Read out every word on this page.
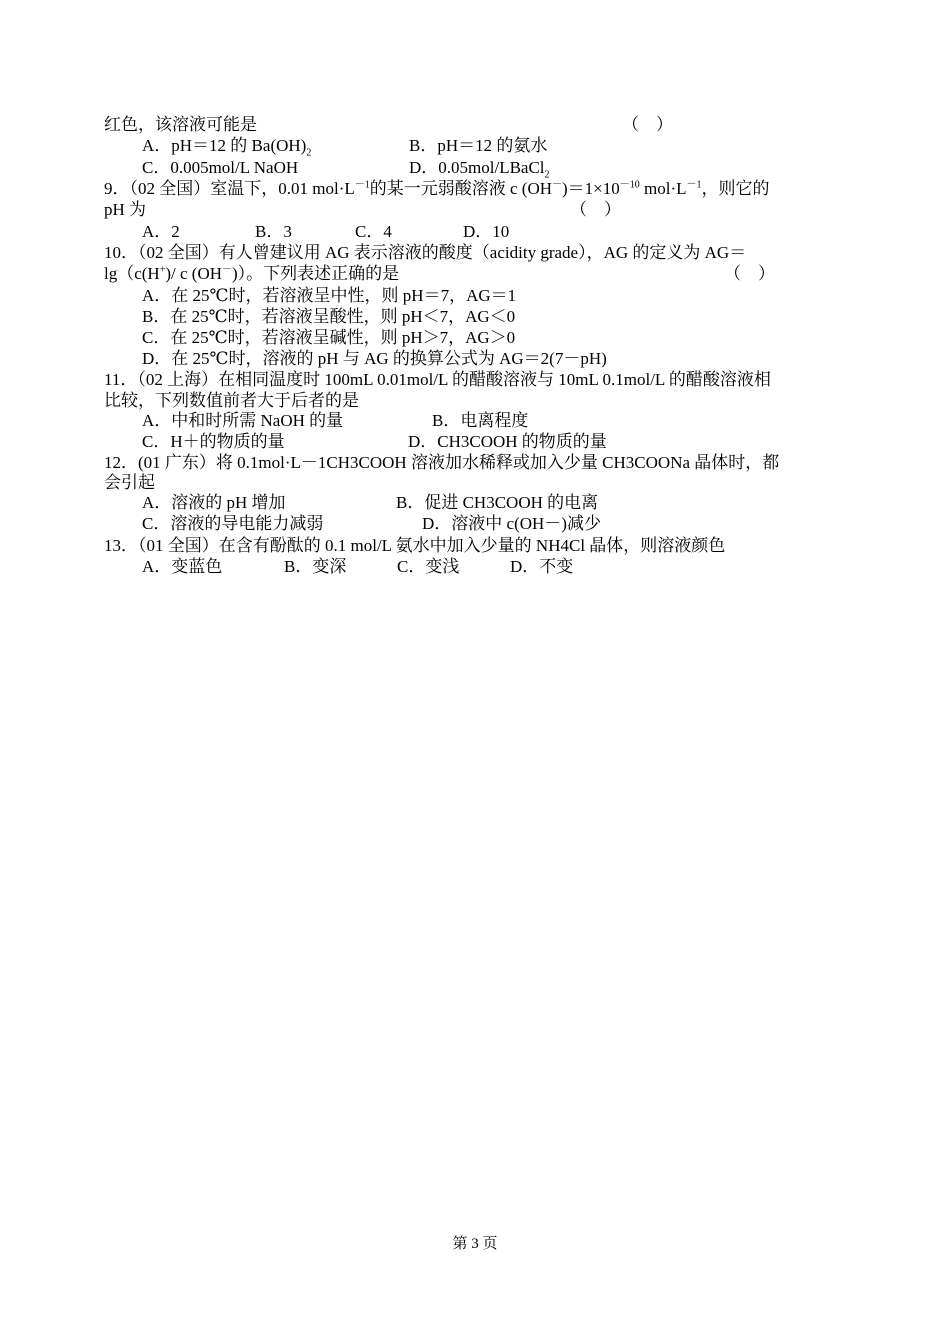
红色，该溶液可能是	（    ）
A．pH＝12 的 $Ba(OH)_2$	B．pH＝12 的氨水
C．0.005mol/L NaOH	D．0.05mol/LBaCl$_2$
9．（02 全国）室温下，0.01 $mol\cdot L^{-1}$的某一元弱酸溶液 c $(OH^-)=1\times 10^{-10}$ $mol\cdot L^{-1}$，则它的
pH 为	（    ）
A．2	B．3	C．4	D．10
10．（02 全国）有人曾建议用 AG 表示溶液的酸度（acidity grade），AG 的定义为 AG＝
lg（c(H+)/ c (OH－)）。下列表述正确的是	（    ）
A．在 25℃时，若溶液呈中性，则 pH＝7，AG＝1
B．在 25℃时，若溶液呈酸性，则 pH＜7，AG＜0
C．在 25℃时，若溶液呈碱性，则 pH＞7，AG＞0
D．在 25℃时，溶液的 pH 与 AG 的换算公式为 AG＝2(7－pH)
11．（02 上海）在相同温度时 100mL 0.01mol/L 的醋酸溶液与 10mL 0.1mol/L 的醋酸溶液相
比较，下列数值前者大于后者的是
A．中和时所需 NaOH 的量	B．电离程度
C．H＋的物质的量	D．CH3COOH 的物质的量
12．(01 广东）将 0.1mol·L－1CH3COOH 溶液加水稀释或加入少量 CH3COONa 晶体时，都
会引起
A．溶液的 pH 增加	B．促进 CH3COOH 的电离
C．溶液的导电能力减弱	D．溶液中 c(OH－)减少
13．（01 全国）在含有酚酞的 0.1 mol/L 氨水中加入少量的 NH4Cl 晶体，则溶液颜色
A．变蓝色	B．变深	C．变浅	D．不变
第 3 页
